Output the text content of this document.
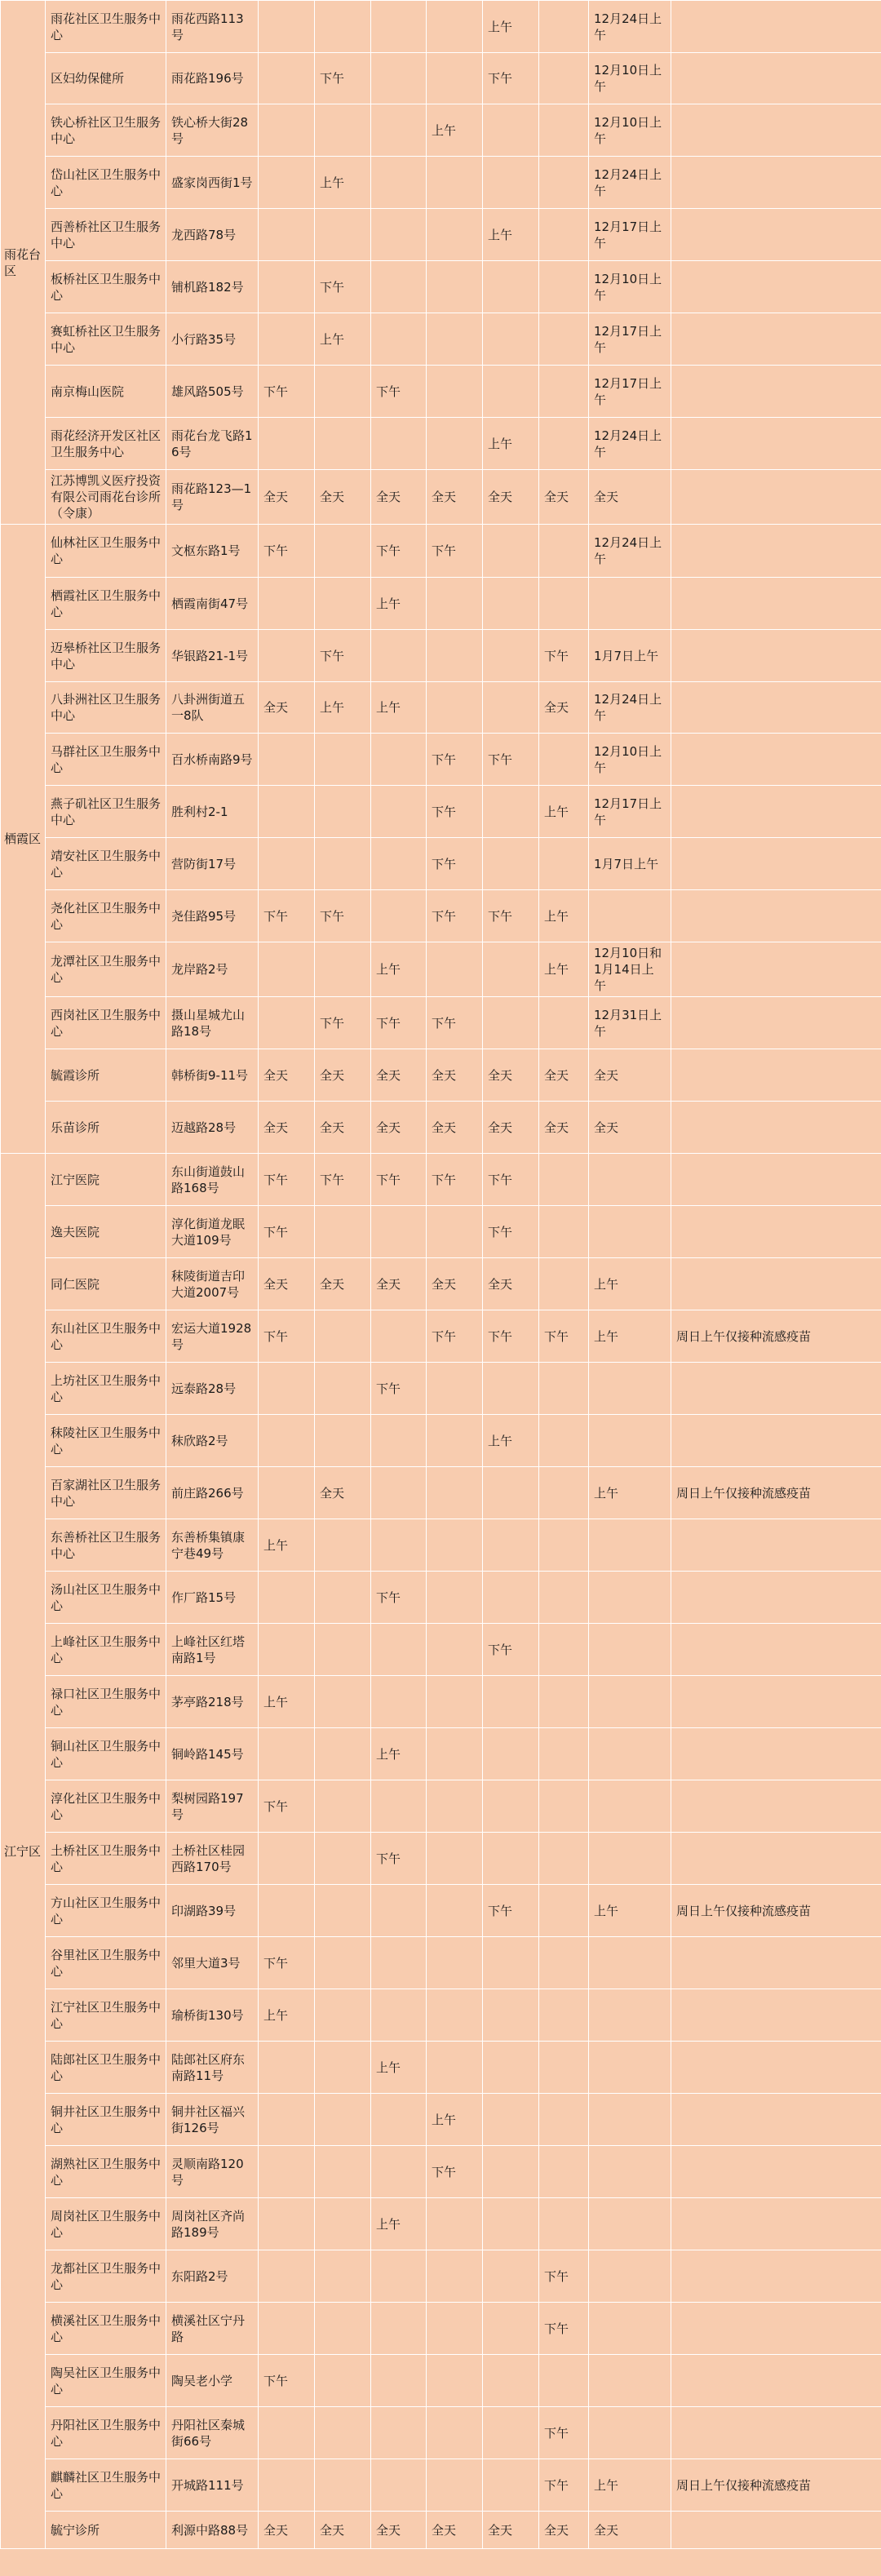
雨花台区	雨花社区卫生服务中心	雨花西路113号					上午		12月24日上午	
	区妇幼保健所	雨花路196号		下午			下午		12月10日上午	
	铁心桥社区卫生服务中心	铁心桥大街28号				上午			12月10日上午	
	岱山社区卫生服务中心	盛家岗西街1号		上午					12月24日上午	
	西善桥社区卫生服务中心	龙西路78号					上午		12月17日上午	
	板桥社区卫生服务中心	铺机路182号		下午					12月10日上午	
	赛虹桥社区卫生服务中心	小行路35号		上午					12月17日上午	
	南京梅山医院	雄风路505号	下午		下午				12月17日上午	
	雨花经济开发区社区卫生服务中心	雨花台龙飞路16号					上午		12月24日上午	
	江苏博凯义医疗投资有限公司雨花台诊所（令康）	雨花路123—1号	全天	全天	全天	全天	全天	全天	全天	
栖霞区	仙林社区卫生服务中心	文枢东路1号	下午		下午	下午			12月24日上午	
	栖霞社区卫生服务中心	栖霞南街47号			上午					
	迈皋桥社区卫生服务中心	华银路21-1号		下午				下午	1月7日上午	
	八卦洲社区卫生服务中心	八卦洲街道五一8队	全天	上午	上午			全天	12月24日上午	
	马群社区卫生服务中心	百水桥南路9号				下午	下午		12月10日上午	
	燕子矶社区卫生服务中心	胜利村2-1				下午		上午	12月17日上午	
	靖安社区卫生服务中心	营防街17号				下午			1月7日上午	
	尧化社区卫生服务中心	尧佳路95号	下午	下午		下午	下午	上午		
	龙潭社区卫生服务中心	龙岸路2号			上午			上午	12月10日和1月14日上午	
	西岗社区卫生服务中心	摄山星城尤山路18号		下午	下午	下午			12月31日上午	
	毓霞诊所	韩桥街9-11号	全天	全天	全天	全天	全天	全天	全天	
	乐苗诊所	迈越路28号	全天	全天	全天	全天	全天	全天	全天	
江宁区	江宁医院	东山街道鼓山路168号	下午	下午	下午	下午	下午			
	逸夫医院	淳化街道龙眠大道109号	下午				下午			
	同仁医院	秣陵街道吉印大道2007号	全天	全天	全天	全天	全天		上午	
	东山社区卫生服务中心	宏运大道1928号	下午			下午	下午	下午	上午	周日上午仅接种流感疫苗
	上坊社区卫生服务中心	远泰路28号			下午					
	秣陵社区卫生服务中心	秣欣路2号					上午			
	百家湖社区卫生服务中心	前庄路266号		全天					上午	周日上午仅接种流感疫苗
	东善桥社区卫生服务中心	东善桥集镇康宁巷49号	上午							
	汤山社区卫生服务中心	作厂路15号			下午					
	上峰社区卫生服务中心	上峰社区红塔南路1号					下午			
	禄口社区卫生服务中心	茅亭路218号	上午							
	铜山社区卫生服务中心	铜岭路145号			上午					
	淳化社区卫生服务中心	梨树园路197号	下午							
	土桥社区卫生服务中心	土桥社区桂园西路170号			下午					
	方山社区卫生服务中心	印湖路39号					下午		上午	周日上午仅接种流感疫苗
	谷里社区卫生服务中心	邻里大道3号	下午							
	江宁社区卫生服务中心	瑜桥街130号	上午							
	陆郎社区卫生服务中心	陆郎社区府东南路11号			上午					
	铜井社区卫生服务中心	铜井社区福兴街126号				上午				
	湖熟社区卫生服务中心	灵顺南路120号				下午				
	周岗社区卫生服务中心	周岗社区齐尚路189号			上午					
	龙都社区卫生服务中心	东阳路2号						下午		
	横溪社区卫生服务中心	横溪社区宁丹路						下午		
	陶吴社区卫生服务中心	陶吴老小学	下午							
	丹阳社区卫生服务中心	丹阳社区秦城街66号						下午		
	麒麟社区卫生服务中心	开城路111号						下午	上午	周日上午仅接种流感疫苗
	毓宁诊所	利源中路88号	全天	全天	全天	全天	全天	全天	全天	
